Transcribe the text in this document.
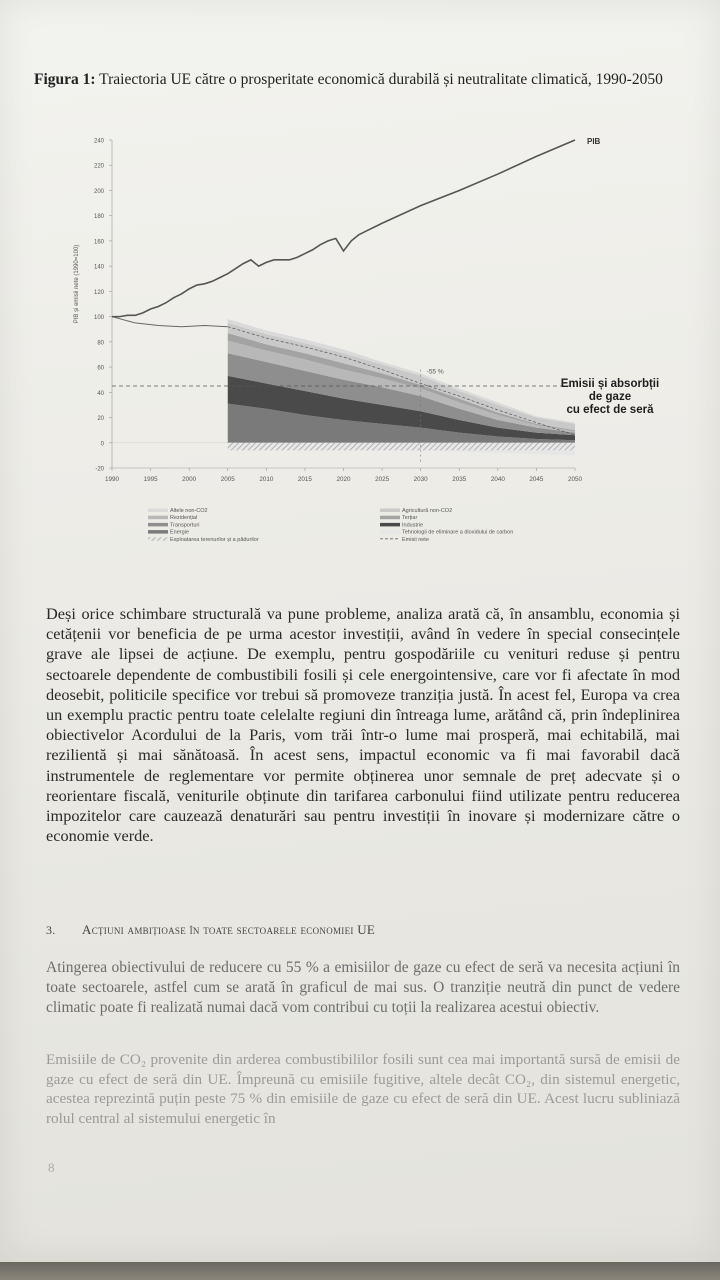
Figura 1: Traiectoria UE către o prosperitate economică durabilă și neutralitate climatică, 1990-2050

-20
0
20
40
60
80
100
120
140
160
180
200
220
240
1990	1995	2000	2005	2010	2015	2020	2025	2030	2035	2040	2045	2050
PIB și emisii nete (1990=100)
-55 %
PIB
Emisii și absorbții
de gaze
cu efect de seră
Altele non-CO2
Rezidențial
Transporturi
Energie
Exploatarea terenurilor și a pădurilor
Agricultură non-CO2
Terțiar
Industrie
Tehnologii de eliminare a dioxidului de carbon
Emisii nete

Deși orice schimbare structurală va pune probleme, analiza arată că, în ansamblu, economia și cetățenii vor beneficia de pe urma acestor investiții, având în vedere în special consecințele grave ale lipsei de acțiune. De exemplu, pentru gospodăriile cu venituri reduse și pentru sectoarele dependente de combustibili fosili și cele energointensive, care vor fi afectate în mod deosebit, politicile specifice vor trebui să promoveze tranziția justă. În acest fel, Europa va crea un exemplu practic pentru toate celelalte regiuni din întreaga lume, arătând că, prin îndeplinirea obiectivelor Acordului de la Paris, vom trăi într-o lume mai prosperă, mai echitabilă, mai rezilientă și mai sănătoasă. În acest sens, impactul economic va fi mai favorabil dacă instrumentele de reglementare vor permite obținerea unor semnale de preț adecvate și o reorientare fiscală, veniturile obținute din tarifarea carbonului fiind utilizate pentru reducerea impozitelor care cauzează denaturări sau pentru investiții în inovare și modernizare către o economie verde.

3. Acțiuni ambițioase în toate sectoarele economiei UE

Atingerea obiectivului de reducere cu 55 % a emisiilor de gaze cu efect de seră va necesita acțiuni în toate sectoarele, astfel cum se arată în graficul de mai sus. O tranziție neutră din punct de vedere climatic poate fi realizată numai dacă vom contribui cu toții la realizarea acestui obiectiv.

Emisiile de CO₂ provenite din arderea combustibililor fosili sunt cea mai importantă sursă de emisii de gaze cu efect de seră din UE. Împreună cu emisiile fugitive, altele decât CO₂, din sistemul energetic, acestea reprezintă puțin peste 75 % din emisiile de gaze cu efect de seră din UE. Acest lucru subliniază rolul central al sistemului energetic în

8
